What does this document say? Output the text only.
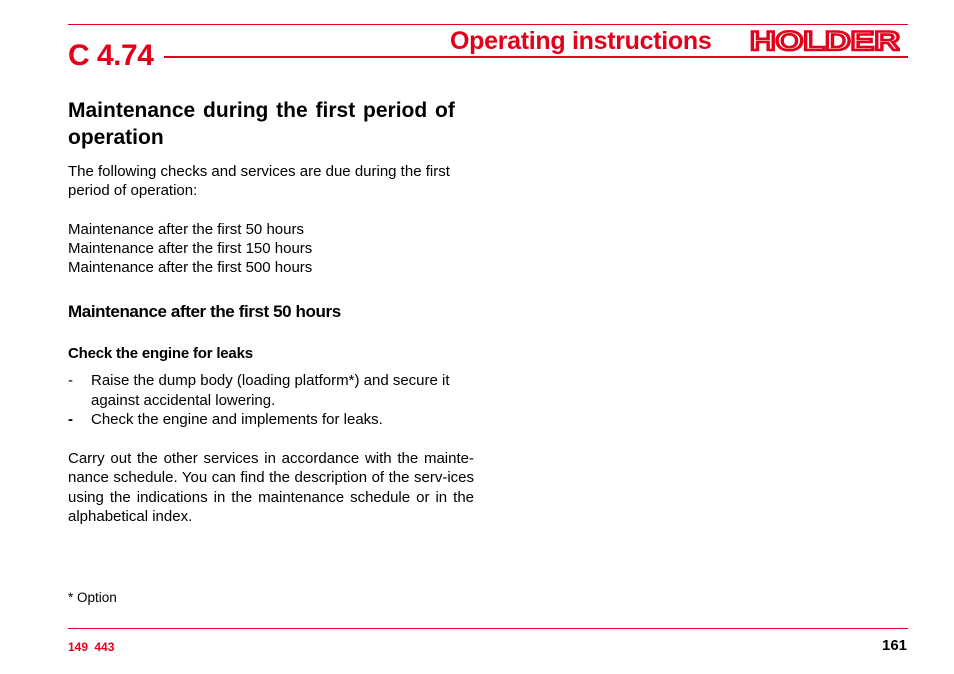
C 4.74	Operating instructions HOLDER
Maintenance during the first period of operation

The following checks and services are due during the first period of operation:

Maintenance after the first 50 hours
Maintenance after the first 150 hours
Maintenance after the first 500 hours
Maintenance after the first 50 hours
Check the engine for leaks
- Raise the dump body (loading platform*) and secure it against accidental lowering.
- Check the engine and implements for leaks.

Carry out the other services in accordance with the mainte-nance schedule. You can find the description of the serv-ices using the indications in the maintenance schedule or in the alphabetical index.

* Option
149 443	161
